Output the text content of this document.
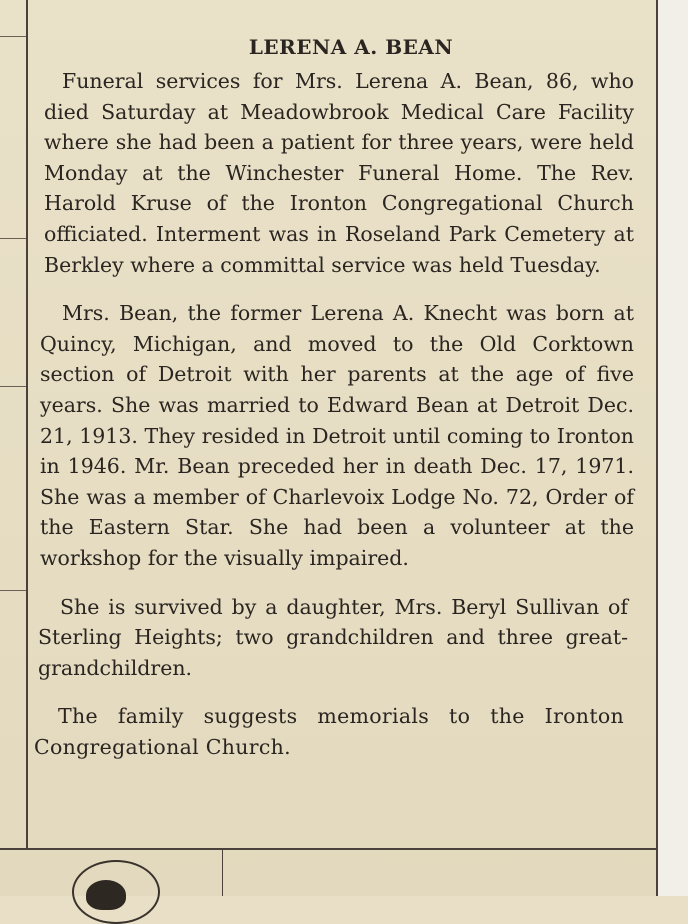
LERENA A. BEAN

Funeral services for Mrs. Lerena A. Bean, 86, who died Saturday at Meadowbrook Medical Care Facility where she had been a patient for three years, were held Monday at the Winchester Funeral Home. The Rev. Harold Kruse of the Ironton Congregational Church officiated. Interment was in Roseland Park Cemetery at Berkley where a committal service was held Tuesday.

Mrs. Bean, the former Lerena A. Knecht was born at Quincy, Michigan, and moved to the Old Corktown section of Detroit with her parents at the age of five years. She was married to Edward Bean at Detroit Dec. 21, 1913. They resided in Detroit until coming to Ironton in 1946. Mr. Bean preceded her in death Dec. 17, 1971. She was a member of Charlevoix Lodge No. 72, Order of the Eastern Star. She had been a volunteer at the workshop for the visually impaired.

She is survived by a daughter, Mrs. Beryl Sullivan of Sterling Heights; two grandchildren and three great-grandchildren.

The family suggests memorials to the Ironton Congregational Church.
